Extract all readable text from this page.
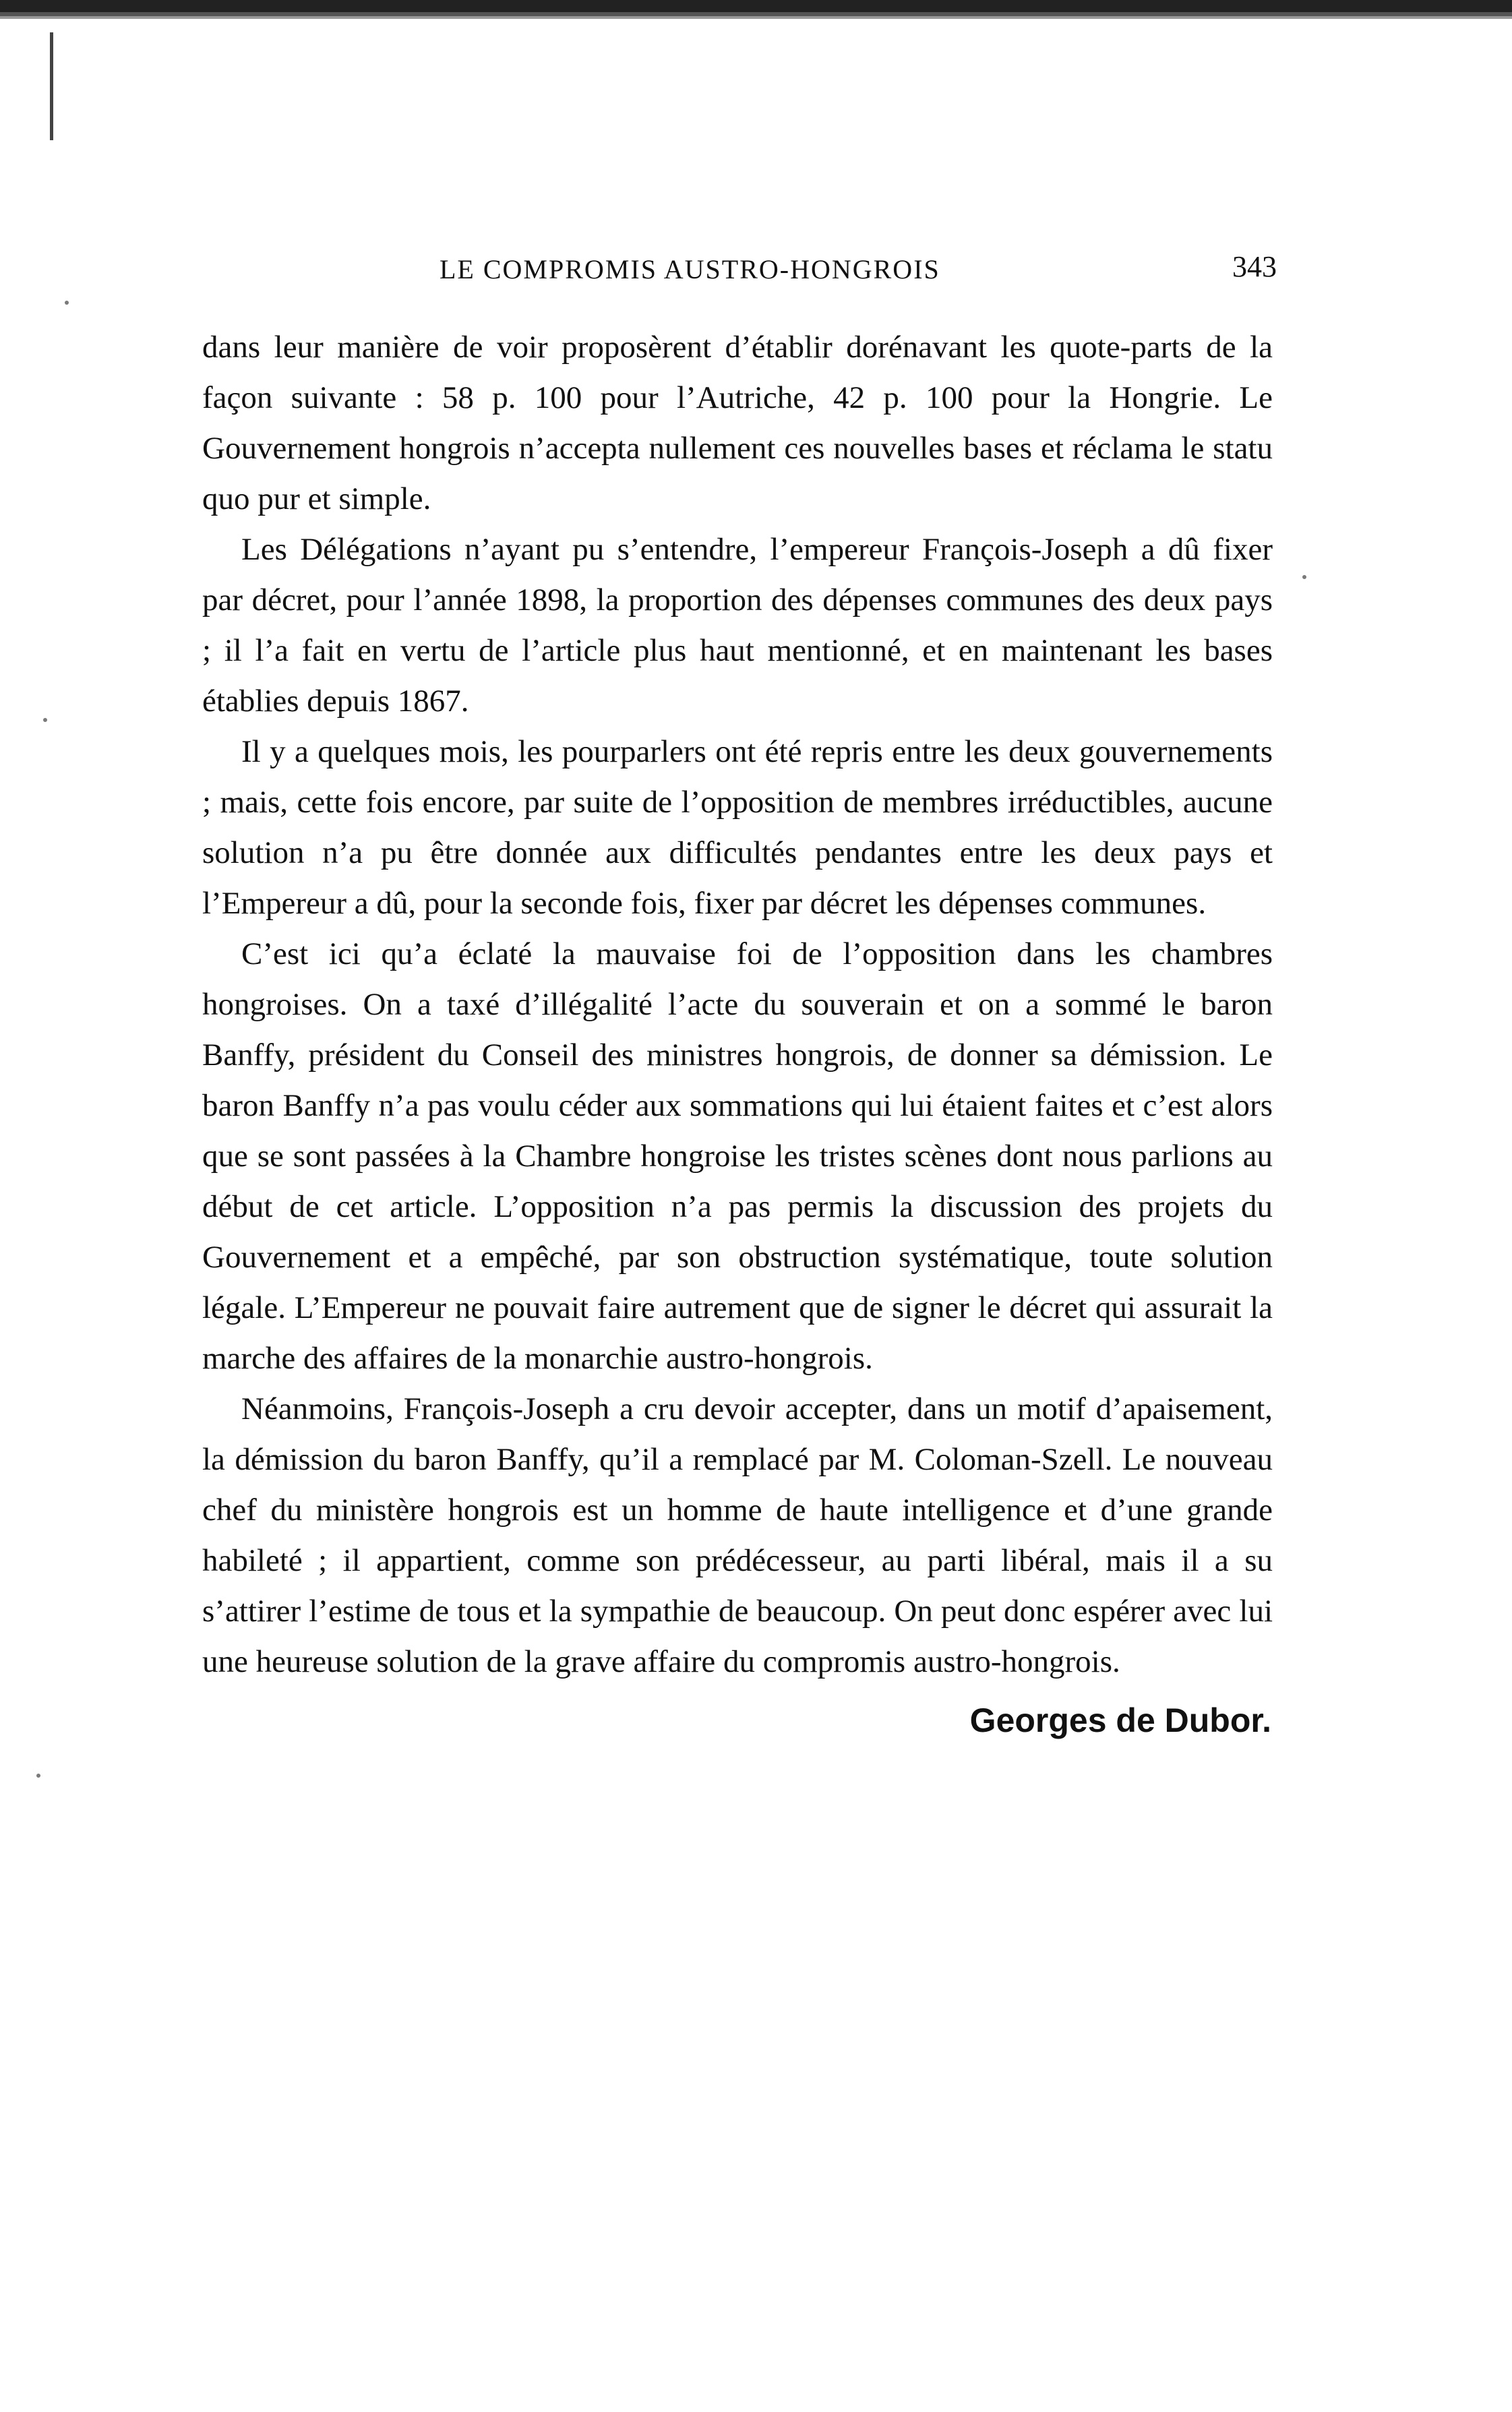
LE COMPROMIS AUSTRO-HONGROIS	343

dans leur manière de voir proposèrent d’établir dorénavant les quote-parts de la façon suivante : 58 p. 100 pour l’Autriche, 42 p. 100 pour la Hongrie. Le Gouvernement hongrois n’accepta nullement ces nouvelles bases et réclama le statu quo pur et simple.

Les Délégations n’ayant pu s’entendre, l’empereur François-Joseph a dû fixer par décret, pour l’année 1898, la proportion des dépenses communes des deux pays ; il l’a fait en vertu de l’article plus haut mentionné, et en maintenant les bases établies depuis 1867.

Il y a quelques mois, les pourparlers ont été repris entre les deux gouvernements ; mais, cette fois encore, par suite de l’opposition de membres irréductibles, aucune solution n’a pu être donnée aux difficultés pendantes entre les deux pays et l’Empereur a dû, pour la seconde fois, fixer par décret les dépenses communes.

C’est ici qu’a éclaté la mauvaise foi de l’opposition dans les chambres hongroises. On a taxé d’illégalité l’acte du souverain et on a sommé le baron Banffy, président du Conseil des ministres hongrois, de donner sa démission. Le baron Banffy n’a pas voulu céder aux sommations qui lui étaient faites et c’est alors que se sont passées à la Chambre hongroise les tristes scènes dont nous parlions au début de cet article. L’opposition n’a pas permis la discussion des projets du Gouvernement et a empêché, par son obstruction systématique, toute solution légale. L’Empereur ne pouvait faire autrement que de signer le décret qui assurait la marche des affaires de la monarchie austro-hongrois.

Néanmoins, François-Joseph a cru devoir accepter, dans un motif d’apaisement, la démission du baron Banffy, qu’il a remplacé par M. Coloman-Szell. Le nouveau chef du ministère hongrois est un homme de haute intelligence et d’une grande habileté ; il appartient, comme son prédécesseur, au parti libéral, mais il a su s’attirer l’estime de tous et la sympathie de beaucoup. On peut donc espérer avec lui une heureuse solution de la grave affaire du compromis austro-hongrois.

Georges de Dubor.
